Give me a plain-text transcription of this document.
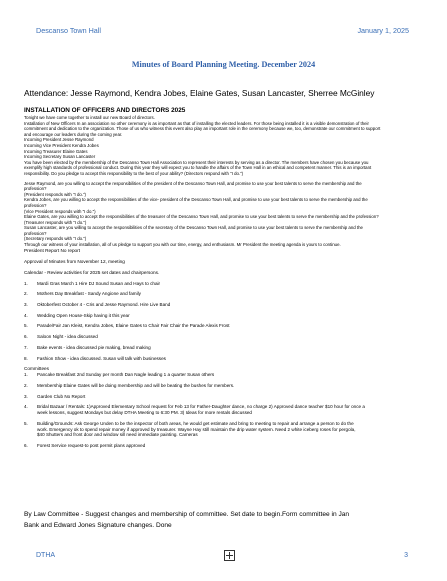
Descanso Town Hall	January 1, 2025
Minutes of Board Planning Meeting. December 2024
Attendance: Jesse Raymond, Kendra Jobes, Elaine Gates, Susan Lancaster, Sherree McGinley
INSTALLATION OF OFFICERS AND DIRECTORS 2025

Tonight we have come together to install our new Board of directors.

Installation of New Officers In an association no other ceremony is as important as that of installing the elected leaders. For those being installed it is a visible demonstration of their

commitment and dedication to the organization. Those of us who witness this event also play an important role in the ceremony because we, too, demonstrate our commitment to support

and encourage our leaders during the coming year.

Incoming President Jesse Raymond

Incoming Vice President Kendra Jobes

Incoming Treasurer Elaine Gates

Incoming Secretary Susan Lancaster

You have been elected by the membership of the Descanso Town Hall Association to represent their interests by serving as a director. The members have chosen you because you

exemplify high standards of professional conduct. During this year they will expect you to handle the affairs of the Town Hall in an ethical and competent manner. This is an important

responsibility. Do you pledge to accept this responsibility to the best of your ability? (Directors respond with "I do.")

Jesse Raymond, are you willing to accept the responsibilities of the president of the Descanso Town Hall, and promise to use your best talents to serve the membership and the

profession?

(President responds with "I do.")

Kendra Jobes, are you willing to accept the responsibilities of the vice- president of the Descanso Town Hall, and promise to use your best talents to serve the membership and the

profession?

(Vice President responds with "I do.")

Elaine Gates, are you willing to accept the responsibilities of the treasurer of the Descanso Town Hall, and promise to use your best talents to serve the membership and the profession?

(Treasurer responds with "I do.")

Susan Lancaster, are you willing to accept the responsibilities of the secretary of the Descanso Town Hall, and promise to use your best talents to serve the membership and the

profession?

(Secretary responds with "I do.")

Through our witness of your installation, all of us pledge to support you with our time, energy, and enthusiasm. Mr President the meeting agenda is yours to continue.

President Report No report

Approval of Minutes from November 12, meeting

Calendar - Review activities for 2025 set dates and chairpersons.

1. Mardi Gras March 1 Hire DJ Sound Susan and Hays to chair

2. Mothers Day Breakfast - Sandy Angione and family

3. Oktoberfest October 4 - Cris and Jesse Raymond. Hire Live Band

4. Wedding Open House-Skip having it this year

5. Parade/Fair Jan Kleist, Kendra Jobes, Elaine Gates to Chair Fair Chair the Parade Alexis Frost

6. Saloon Night - idea discussed

7. Bake events - idea discussed pie making, bread making

8. Fashion Show - idea discussed. Susan will talk with businesses

Committees

1. Pancake Breakfast 2nd Sunday per month Dan Nagle leading 1 a quarter Susan others

2. Membership Elaine Gates will be doing membership and will be beating the bushes for members.

3. Garden Club No Report

4. Bridal Bazaar / Rentals: 1)Approved Elementary School request for Feb 13 for Father-Daughter dance, no charge 2) Approved dance teacher $10 hour for once a
week lessons, suggest Mondays but delay DTHA Meeting to 6:30 PM. 3) Ideas for more rentals discussed

5. Building/Grounds: Ask George Unden to be the inspector of both areas, he would get estimate and bring to meeting to repair and arrange a person to do the
work. Emergency ok to spend repair money if approved by treasurer. Wayne Hay still maintain the drip water system. Need 2 white iceberg roses for pergola,
$40 Shutters and front door and window sill need immediate painting. Cameras

6. Forest Service request-to post permit plans approved

By Law Committee - Suggest changes and membership of committee. Set date to begin.Form committee in Jan
Bank and Edward Jones Signature changes. Done
DTHA	3
